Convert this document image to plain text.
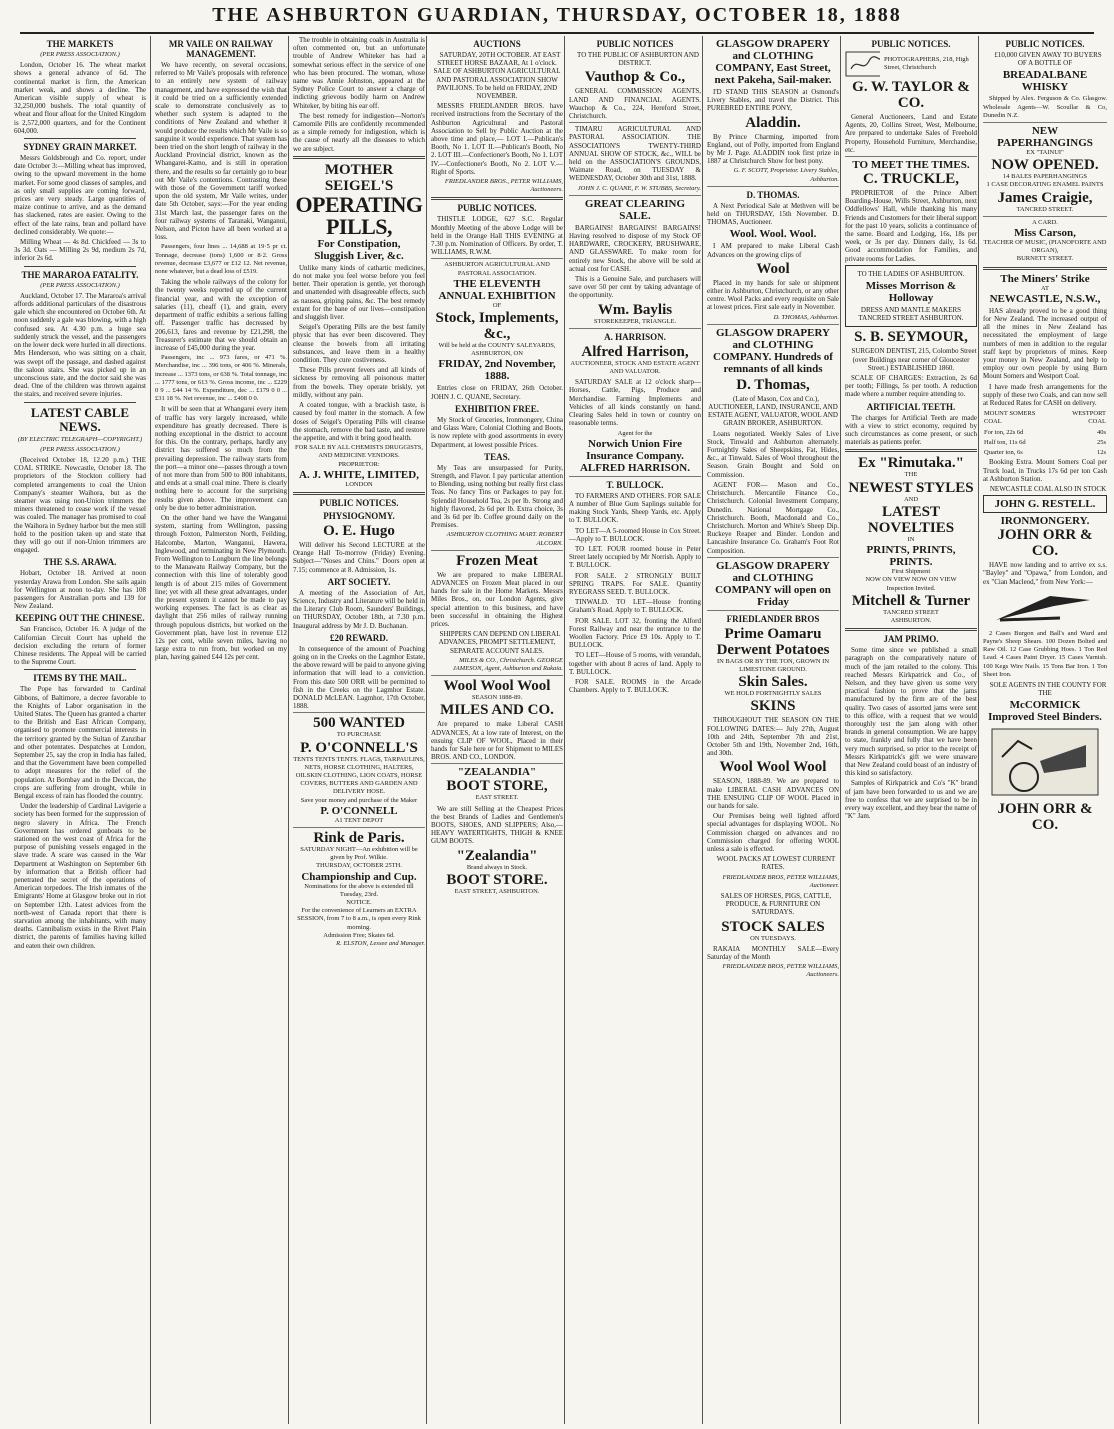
THE ASHBURTON GUARDIAN, THURSDAY, OCTOBER 18, 1888
THE MARKETS
(PER PRESS ASSOCIATION.)

London, October 16. The wheat market shows a general advance of 6d. The continental market is firm, the American market weak, and shows a decline. The American visible supply of wheat is 32,250,000 bushels. The total quantity of wheat and flour afloat for the United Kingdom is 2,572,000 quarters, and for the Continent 604,000.

SYDNEY GRAIN MARKET.

Messrs Goldsbrough and Co. report, under date October 3:—Milling wheat has improved, owing to the upward movement in the home market. For some good classes of samples, and as only small supplies are coming forward, prices are very steady. Large quantities of maize continue to arrive, and as the demand has slackened, rates are easier. Owing to the effect of the late rains, bran and pollard have declined considerably. We quote:—

Milling Wheat — 4s 8d. Chickfeed — 3s to 3s 3d. Oats — Milling 2s 9d, medium 2s 7d, inferior 2s 6d.

THE MARAROA FATALITY.
(PER PRESS ASSOCIATION.)

Auckland, October 17. The Mararoa's arrival affords additional particulars of the disastrous gale which she encountered on October 6th. At noon suddenly a gale was blowing, with a high confused sea. At 4.30 p.m. a huge sea suddenly struck the vessel, and the passengers on the lower deck were hurled in all directions. Mrs Henderson, who was sitting on a chair, was swept off the passage, and dashed against the saloon stairs. She was picked up in an unconscious state, and the doctor said she was dead. One of the children was thrown against the stairs, and received severe injuries.

LATEST CABLE NEWS.
(BY ELECTRIC TELEGRAPH—COPYRIGHT.)
(PER PRESS ASSOCIATION.)

(Received October 18, 12.20 p.m.) THE COAL STRIKE. Newcastle, October 18. The proprietors of the Stockton colliery had completed arrangements to coal the Union Company's steamer Waihora, but as the steamer was using non-Union trimmers the miners threatened to cease work if the vessel was coaled. The manager has promised to coal the Waihora in Sydney harbor but the men still hold to the position taken up and state that they will go out if non-Union trimmers are engaged.

THE S.S. ARAWA.

Hobart, October 18. Arrived at noon yesterday Arawa from London. She sails again for Wellington at noon to-day. She has 108 passengers for Australian ports and 139 for New Zealand.

KEEPING OUT THE CHINESE.

San Francisco, October 16. A judge of the Californian Circuit Court has upheld the decision excluding the return of former Chinese residents. The Appeal will be carried to the Supreme Court.

ITEMS BY THE MAIL.

The Pope has forwarded to Cardinal Gibbons, of Baltimore, a decree favorable to the Knights of Labor organisation in the United States. The Queen has granted a charter to the British and East African Company, organised to promote commercial interests in the territory granted by the Sultan of Zanzibar and other potentates. Despatches at London, September 25, say the crop in India has failed, and that the Government have been compelled to adopt measures for the relief of the population. At Bombay and in the Deccan, the crops are suffering from drought, while in Bengal excess of rain has flooded the country.

Under the leadership of Cardinal Lavigerie a society has been formed for the suppression of negro slavery in Africa. The French Government has ordered gunboats to be stationed on the west coast of Africa for the purpose of punishing vessels engaged in the slave trade. A scare was caused in the War Department at Washington on September 6th by information that a British officer had penetrated the secret of the operations of American torpedoes. The Irish inmates of the Emigrants' Home at Glasgow broke out in riot on September 12th. Latest advices from the north-west of Canada report that there is starvation among the inhabitants, with many deaths. Cannibalism exists in the Rivet Plain district, the parents of families having killed and eaten their own children.

MR VAILE ON RAILWAY MANAGEMENT.

We have recently, on several occasions, referred to Mr Vaile's proposals with reference to an entirely new system of railway management, and have expressed the wish that it could be tried on a sufficiently extended scale to demonstrate conclusively as to whether such system is adapted to the conditions of New Zealand and whether it would produce the results which Mr Vaile is so sanguine it would experience. That system has been tried on the short length of railway in the Auckland Provincial district, known as the Whangarei-Kamo, and is still in operation there, and the results so far certainly go to bear out Mr Vaile's contentions. Contrasting these with those of the Government tariff worked upon the old system, Mr Vaile writes, under date 5th October, says:—For the year ending 31st March last, the passenger fares on the four railway systems of Taranaki, Wanganui, Nelson, and Picton have all been worked at a loss.

Passengers, four lines ... 14,688 at 19·5 pr ct. Tonnage, decrease (tons) 1,600 or 8·2. Gross revenue, decrease £3,677 or £12 12. Net revenue, none whatever, but a dead loss of £519.

Taking the whole railways of the colony for the twenty weeks reported up of the current financial year, and with the exception of salaries (11), cheaff (1), and grain, every department of traffic exhibits a serious falling off. Passenger traffic has decreased by 206,613, fares and revenue by £21,298, the Treasurer's estimate that we should obtain an increase of £45,000 during the year.

Passengers, inc ... 973 fares, or 471 %. Merchandise, inc ... 396 tons, or 406 %. Minerals, increase ... 1373 tons, or 638 %. Total tonnage, inc ... 1777 tons, or 613 %. Gross income, inc ... £229 0 9 ... £44 14 %. Expenditure, dec ... £179 0 0 ... £31 18 %. Net revenue, inc ... £408 0 0.

It will be seen that at Whangarei every item of traffic has very largely increased, while expenditure has greatly decreased. There is nothing exceptional in the district to account for this. On the contrary, perhaps, hardly any district has suffered so much from the prevailing depression. The railway starts from the port—a minor one—passes through a town of not more than from 500 to 800 inhabitants, and ends at a small coal mine. There is clearly nothing here to account for the surprising results given above. The improvement can only be due to better administration.

On the other hand we have the Wanganui system, starting from Wellington, passing through Foxton, Palmerston North, Feilding, Halcombe, Marton, Wanganui, Hawera, Inglewood, and terminating in New Plymouth. From Wellington to Longburn the line belongs to the Manawatu Railway Company, but the connection with this line of tolerably good length is of about 215 miles of Government line; yet with all these great advantages, under the present system it cannot be made to pay working expenses. The fact is as clear as daylight that 256 miles of railway running through populous districts, but worked on the Government plan, have lost in revenue £12 12s per cent, while seven miles, having no large extra to run from, but worked on my plan, having gained £44 12s per cent.

The trouble in obtaining coals in Australia is often commented on, but an unfortunate trouble of Andrew Whiteker has had a somewhat serious effect in the service of one who has been procured. The woman, whose name was Annie Johnston, appeared at the Sydney Police Court to answer a charge of indicting grievous bodily harm on Andrew Whiteker, by biting his ear off.

The best remedy for indigestion—Norton's Camomile Pills are confidently recommended as a simple remedy for indigestion, which is the cause of nearly all the diseases to which we are subject.

MOTHER
SEIGEL'S
OPERATING
PILLS,
For Constipation,
Sluggish Liver, &c.

Unlike many kinds of cathartic medicines, do not make you feel worse before you feel better. Their operation is gentle, yet thorough and unattended with disagreeable effects, such as nausea, griping pains, &c. The best remedy extant for the bane of our lives—constipation and sluggish liver.

Seigel's Operating Pills are the best family physic that has ever been discovered. They cleanse the bowels from all irritating substances, and leave them in a healthy condition. They cure costiveness.

These Pills prevent fevers and all kinds of sickness by removing all poisonous matter from the bowels. They operate briskly, yet mildly, without any pain.

A coated tongue, with a brackish taste, is caused by foul matter in the stomach. A few doses of Seigel's Operating Pills will cleanse the stomach, remove the bad taste, and restore the appetite, and with it bring good health.

FOR SALE BY ALL CHEMISTS DRUGGISTS, AND MEDICINE VENDORS.
PROPRIETOR:
A. J. WHITE, LIMITED,
LONDON
PUBLIC NOTICES.
PHYSIOGNOMY.
O. E. Hugo

Will deliver his Second LECTURE at the Orange Hall To-morrow (Friday) Evening. Subject—"Noses and Chins." Doors open at 7.15; commence at 8. Admission, 1s.

ART SOCIETY.

A meeting of the Association of Art, Science, Industry and Literature will be held in the Literary Club Room, Saunders' Buildings, on THURSDAY, October 18th, at 7.30 p.m. Inaugural address by Mr J. D. Buchanan.

£20 REWARD.

In consequence of the amount of Poaching going on in the Creeks on the Lagmhor Estate, the above reward will be paid to anyone giving information that will lead to a conviction. From this date 500 ORR will be permitted to fish in the Creeks on the Lagmhor Estate. DONALD McLEAN. Lagmhor, 17th October, 1888.

500 WANTED
TO PURCHASE
P. O'CONNELL'S
TENTS TENTS TENTS. FLAGS, TARPAULINS, NETS, HORSE CLOTHING, HALTERS, OILSKIN CLOTHING, LION COATS, HORSE COVERS, BUTTERS AND GARDEN AND DELIVERY HOSE.
Save your money and purchase of the Maker
P. O'CONNELL
A1 TENT DEPOT
Rink de Paris.
SATURDAY NIGHT—An exhibition will be given by Prof. Wilkie.
THURSDAY, OCTOBER 25TH.
Championship and Cup.
Nominations for the above is extended till Tuesday, 23rd.
NOTICE.
For the convenience of Learners an EXTRA SESSION, from 7 to 8 a.m., is open every Rink morning.
Admission Free; Skates 6d.
R. ELSTON, Lessee and Manager.
AUCTIONS

SATURDAY, 20TH OCTOBER. AT EAST STREET HORSE BAZAAR, At 1 o'clock. SALE OF ASHBURTON AGRICULTURAL AND PASTORAL ASSOCIATION SHOW PAVILIONS. To be held on FRIDAY, 2ND NOVEMBER.

MESSRS FRIEDLANDER BROS. have received instructions from the Secretary of the Ashburton Agricultural and Pastoral Association to Sell by Public Auction at the above time and place,— LOT I.—Publican's Booth, No 1. LOT II.—Publican's Booth, No 2. LOT III.—Confectioner's Booth, No 1. LOT IV.—Confectioner's Booth, No 2. LOT V.—Right of Sports.

FRIEDLANDER BROS., PETER WILLIAMS, Auctioneers.
PUBLIC NOTICES.

THISTLE LODGE, 627 S.C. Regular Monthly Meeting of the above Lodge will be held in the Orange Hall THIS EVENING at 7.30 p.m. Nomination of Officers. By order, T. WILLIAMS, R.W.M.

ASHBURTON AGRICULTURAL AND PASTORAL ASSOCIATION.
THE ELEVENTH ANNUAL EXHIBITION
OF
Stock, Implements, &c.,
Will be held at the COUNTY SALEYARDS, ASHBURTON, ON
FRIDAY, 2nd November, 1888.

Entries close on FRIDAY, 26th October. JOHN J. C. QUANE, Secretary.

EXHIBITION FREE.

My Stock of Groceries, Ironmongery, China and Glass Ware, Colonial Clothing and Boots, is now replete with good assortments in every Department, at lowest possible Prices.

TEAS.

My Teas are unsurpassed for Purity, Strength, and Flavor. I pay particular attention to Blending, using nothing but really first class Teas. No fancy Tins or Packages to pay for. Splendid Household Tea, 2s per lb. Strong and highly flavored, 2s 6d per lb. Extra choice, 3s and 3s 6d per lb. Coffee ground daily on the Premises.

ASHBURTON CLOTHING MART. ROBERT ALCORN.
Frozen Meat

We are prepared to make LIBERAL ADVANCES on Frozen Meat placed in our hands for sale in the Home Markets. Messrs Miles Bros., on, our London Agents, give special attention to this business, and have been successful in obtaining the Highest prices.

SHIPPERS CAN DEPEND ON LIBERAL ADVANCES, PROMPT SETTLEMENT, SEPARATE ACCOUNT SALES.

MILES & CO., Christchurch. GEORGE JAMESON, Agent, Ashburton and Rakaia.
Wool Wool Wool
SEASON 1888-89.
MILES AND CO.

Are prepared to make Liberal CASH ADVANCES, At a low rate of Interest, on the ensuing CLIP OF WOOL, Placed in their hands for Sale here or for Shipment to MILES BROS. AND CO., LONDON.

"ZEALANDIA"
BOOT STORE,
EAST STREET.

We are still Selling at the Cheapest Prices the best Brands of Ladies and Gentlemen's BOOTS, SHOES, AND SLIPPERS; Also,— HEAVY WATERTIGHTS, THIGH & KNEE GUM BOOTS.

"Zealandia"
Brand always in Stock.
BOOT STORE.
EAST STREET, ASHBURTON.
PUBLIC NOTICES

TO THE PUBLIC OF ASHBURTON AND DISTRICT.

Vauthop & Co.,

GENERAL COMMISSION AGENTS, LAND AND FINANCIAL AGENTS. Wauchop & Co., 224, Hereford Street, Christchurch.

TIMARU AGRICULTURAL AND PASTORAL ASSOCIATION. THE ASSOCIATION'S TWENTY-THIRD ANNUAL SHOW OF STOCK, &c., WILL be held on the ASSOCIATION'S GROUNDS, Waimate Road, on TUESDAY & WEDNESDAY, October 30th and 31st, 1888.

JOHN J. C. QUANE, F. W. STUBBS, Secretary.
GREAT CLEARING SALE.

BARGAINS! BARGAINS! BARGAINS! Having resolved to dispose of my Stock OF HARDWARE, CROCKERY, BRUSHWARE, AND GLASSWARE. To make room for entirely new Stock, the above will be sold at actual cost for CASH.

This is a Genuine Sale, and purchasers will save over 50 per cent by taking advantage of the opportunity.

Wm. Baylis
STOREKEEPER, TRIANGLE.
A. HARRISON.
Alfred Harrison,
AUCTIONEER, STOCK AND ESTATE AGENT AND VALUATOR.

SATURDAY SALE at 12 o'clock sharp—Horses, Cattle, Pigs, Produce and Merchandise. Farming Implements and Vehicles of all kinds constantly on hand. Clearing Sales held in town or country on reasonable terms.

Agent for the
Norwich Union Fire Insurance Company.
ALFRED HARRISON.
T. BULLOCK.

TO FARMERS AND OTHERS. FOR SALE A number of Blue Gum Saplings suitable for making Stock Yards, Sheep Yards, etc. Apply to T. BULLOCK.

TO LET—A 5-roomed House in Cox Street.—Apply to T. BULLOCK.

TO LET. FOUR roomed house in Peter Street lately occupied by Mr Norrish. Apply to T. BULLOCK.

FOR SALE. 2 STRONGLY BUILT SPRING TRAPS. For SALE. Quantity RYEGRASS SEED. T. BULLOCK.

TINWALD. TO LET—House fronting Graham's Road. Apply to T. BULLOCK.

FOR SALE. LOT 32, fronting the Alford Forest Railway and near the entrance to the Woollen Factory. Price £9 10s. Apply to T. BULLOCK.

TO LET—House of 5 rooms, with verandah, together with about 8 acres of land. Apply to T. BULLOCK.

FOR SALE. ROOMS in the Arcade Chambers. Apply to T. BULLOCK.

GLASGOW DRAPERY and CLOTHING COMPANY, East Street, next Pakeha, Sail-maker.

I'D STAND THIS SEASON at Osmond's Livery Stables, and travel the District. This PUREBRED ENTIRE PONY,

Aladdin.

By Prince Charming, imported from England, out of Polly, imported from England by Mr J. Page. ALADDIN took first prize in 1887 at Christchurch Show for best pony.

G. F. SCOTT, Proprietor. Livery Stables, Ashburton.
D. THOMAS.

A Next Periodical Sale at Methven will be held on THURSDAY, 15th November. D. THOMAS, Auctioneer.

Wool. Wool. Wool.

I AM prepared to make Liberal Cash Advances on the growing clips of

Wool

Placed in my hands for sale or shipment either in Ashburton, Christchurch, or any other centre. Wool Packs and every requisite on Sale at lowest prices. First sale early in November.

D. THOMAS, Ashburton.
GLASGOW DRAPERY and CLOTHING COMPANY. Hundreds of remnants of all kinds
D. Thomas,

(Late of Mason, Cox and Co.), AUCTIONEER, LAND, INSURANCE, AND ESTATE AGENT, VALUATOR, WOOL AND GRAIN BROKER, ASHBURTON.

Loans negotiated. Weekly Sales of Live Stock, Tinwald and Ashburton alternately. Fortnightly Sales of Sheepskins, Fat, Hides, &c., at Tinwald. Sales of Wool throughout the Season. Grain Bought and Sold on Commission.

AGENT FOR— Mason and Co., Christchurch. Mercantile Finance Co., Christchurch. Colonial Investment Company, Dunedin. National Mortgage Co., Christchurch. Booth, Macdonald and Co., Christchurch. Morton and White's Sheep Dip. Ruckeye Reaper and Binder. London and Lancashire Insurance Co. Graham's Foot Rot Composition.

GLASGOW DRAPERY and CLOTHING COMPANY will open on Friday
FRIEDLANDER BROS
Prime Oamaru
Derwent Potatoes
IN BAGS OR BY THE TON, GROWN IN LIMESTONE GROUND.
Skin Sales.
WE HOLD FORTNIGHTLY SALES
SKINS

THROUGHOUT THE SEASON ON THE FOLLOWING DATES:— July 27th, August 10th and 24th, September 7th and 21st, October 5th and 19th, November 2nd, 16th, and 30th.

Wool Wool Wool

SEASON, 1888-89. We are prepared to make LIBERAL CASH ADVANCES ON THE ENSUING CLIP OF WOOL Placed in our hands for sale.

Our Premises being well lighted afford special advantages for displaying WOOL. No Commission charged on advances and no Commission charged for offering WOOL unless a sale is effected.

WOOL PACKS AT LOWEST CURRENT RATES.

FRIEDLANDER BROS, PETER WILLIAMS, Auctioneer.

SALES OF HORSES, PIGS, CATTLE, PRODUCE, & FURNITURE ON SATURDAYS.

STOCK SALES
ON TUESDAYS.

RAKAIA MONTHLY SALE—Every Saturday of the Month

FRIEDLANDER BROS, PETER WILLIAMS, Auctioneers.
PUBLIC NOTICES.
PHOTOGRAPHERS, 218, High Street, Christchurch
G. W. TAYLOR & CO.

General Auctioneers, Land and Estate Agents, 20, Collins Street, West, Melbourne, Are prepared to undertake Sales of Freehold Property, Household Furniture, Merchandise, etc.

TO MEET THE TIMES.
C. TRUCKLE,

PROPRIETOR of the Prince Albert Boarding-House, Wills Street, Ashburton, next Oddfellows' Hall, while thanking his many Friends and Customers for their liberal support for the past 10 years, solicits a continuance of the same. Board and Lodging, 16s, 18s per week, or 3s per day. Dinners daily, 1s 6d. Good accommodation for Families, and private rooms for Ladies.

TO THE LADIES OF ASHBURTON.
Misses Morrison & Holloway
DRESS AND MANTLE MAKERS TANCRED STREET ASHBURTON.
S. B. SEYMOUR,

SURGEON DENTIST, 215, Colombo Street (over Buildings near corner of Gloucester Street.) ESTABLISHED 1860.

SCALE OF CHARGES: Extraction, 2s 6d per tooth; Fillings, 5s per tooth. A reduction made where a number require attending to.

ARTIFICIAL TEETH.

The charges for Artificial Teeth are made with a view to strict economy, required by such circumstances as come present, or such materials as patients prefer.

Ex "Rimutaka."
THE
NEWEST STYLES
AND
LATEST NOVELTIES
IN
PRINTS, PRINTS, PRINTS.
First Shipment
NOW ON VIEW NOW ON VIEW
Inspection Invited.
Mitchell & Turner
TANCRED STREET
ASHBURTON.
JAM PRIMO.

Some time since we published a small paragraph on the comparatively nature of much of the jam retailed to the colony. This reached Messrs Kirkpatrick and Co., of Nelson, and they have given us some very practical fashion to prove that the jams manufactured by the firm are of the best quality. Two cases of assorted jams were sent to this office, with a request that we would thoroughly test the jam along with other brands in general consumption. We are happy to state, frankly and fully that we have been very much surprised, so prior to the receipt of Messrs Kirkpatrick's gift we were unaware that New Zealand could boast of an industry of this kind so satisfactory.

Samples of Kirkpatrick and Co's "K" brand of jam have been forwarded to us and we are free to confess that we are surprised to be in every way excellent, and they bear the name of "K" Jam.

PUBLIC NOTICES.

£10,000 GIVEN AWAY TO BUYERS OF A BOTTLE OF

BREADALBANE WHISKY

Shipped by Alex. Ferguson & Co. Glasgow. Wholesale Agents—W. Scoullar & Co, Dunedin N.Z.

NEW PAPERHANGINGS
EX "TAINUI"
NOW OPENED.
14 BALES PAPERHANGINGS
1 CASE DECORATING ENAMEL PAINTS
James Craigie,
TANCRED STREET.
A CARD.
Miss Carson,
TEACHER OF MUSIC, (PIANOFORTE AND ORGAN),
BURNETT STREET.
The Miners' Strike
AT
NEWCASTLE, N.S.W.,

HAS already proved to be a good thing for New Zealand. The increased output of all the mines in New Zealand has necessitated the employment of large numbers of men in addition to the regular staff kept by proprietors of mines. Keep your money in New Zealand, and help to employ our own people by using Burn Mount Somers and Westport Coal.

I have made fresh arrangements for the supply of these two Coals, and can now sell at Reduced Rates for CASH on delivery.

MOUNT SOMERS COAL	WESTPORT COAL
For ton, 22s 6d	40s
Half ton, 11s 6d	25s
Quarter ton, 6s	12s

Booking Extra. Mount Somers Coal per Truck load, in Trucks 17s 6d per ton Cash at Ashburton Station.

NEWCASTLE COAL ALSO IN STOCK

JOHN G. RESTELL.
IRONMONGERY.
JOHN ORR & CO.

HAVE now landing and to arrive ex s.s. "Bayley" and "Opawa," from London, and ex "Cian Macleod," from New York:—

2 Cases Burgon and Ball's and Ward and Payne's Sheep Shears. 100 Dozen Bolted and Raw Oil. 12 Case Grubbing Hoes. 1 Ton Red Lead. 4 Cases Paint Dryer. 15 Cases Varnish. 100 Kegs Wire Nails. 15 Tons Bar Iron. 1 Ton Sheet Iron.

SOLE AGENTS IN THE COUNTY FOR THE

McCORMICK
Improved Steel Binders.
JOHN ORR & CO.
